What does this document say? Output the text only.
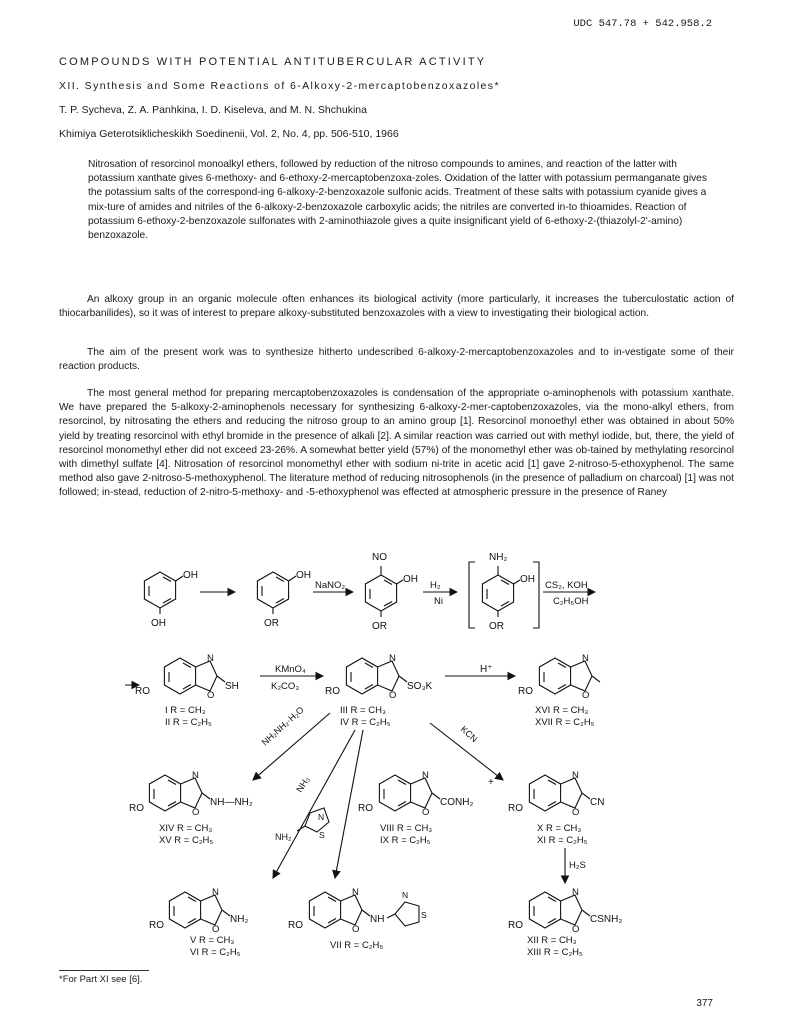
UDC 547.78 + 542.958.2
COMPOUNDS WITH POTENTIAL ANTITUBERCULAR ACTIVITY
XII. Synthesis and Some Reactions of 6-Alkoxy-2-mercaptobenzoxazoles*
T. P. Sycheva, Z. A. Panhkina, I. D. Kiseleva, and M. N. Shchukina
Khimiya Geterotsiklicheskikh Soedinenii, Vol. 2, No. 4, pp. 506-510, 1966
Nitrosation of resorcinol monoalkyl ethers, followed by reduction of the nitroso compounds to amines, and reaction of the latter with potassium xanthate gives 6-methoxy- and 6-ethoxy-2-mercaptobenzoxa-zoles. Oxidation of the latter with potassium permanganate gives the potassium salts of the correspond-ing 6-alkoxy-2-benzoxazole sulfonic acids. Treatment of these salts with potassium cyanide gives a mix-ture of amides and nitriles of the 6-alkoxy-2-benzoxazole carboxylic acids; the nitriles are converted in-to thioamides. Reaction of potassium 6-ethoxy-2-benzoxazole sulfonates with 2-aminothiazole gives a quite insignificant yield of 6-ethoxy-2-(thiazolyl-2'-amino) benzoxazole.
An alkoxy group in an organic molecule often enhances its biological activity (more particularly, it increases the tuberculostatic action of thiocarbanilides), so it was of interest to prepare alkoxy-substituted benzoxazoles with a view to investigating their biological action.
The aim of the present work was to synthesize hitherto undescribed 6-alkoxy-2-mercaptobenzoxazoles and to in-vestigate some of their reaction products.
The most general method for preparing mercaptobenzoxazoles is condensation of the appropriate o-aminophenols with potassium xanthate. We have prepared the 5-alkoxy-2-aminophenols necessary for synthesizing 6-alkoxy-2-mer-captobenzoxazoles, via the mono-alkyl ethers, from resorcinol, by nitrosating the ethers and reducing the nitroso group to an amino group [1]. Resorcinol monoethyl ether was obtained in about 50% yield by treating resorcinol with ethyl bromide in the presence of alkali [2]. A similar reaction was carried out with methyl iodide, but, there, the yield of resorcinol monomethyl ether did not exceed 23-26%. A somewhat better yield (57%) of the monomethyl ether was ob-tained by methylating resorcinol with dimethyl sulfate [4]. Nitrosation of resorcinol monomethyl ether with sodium ni-trite in acetic acid [1] gave 2-nitroso-5-ethoxyphenol. The same method also gave 2-nitroso-5-methoxyphenol. The literature method of reducing nitrosophenols (in the presence of palladium on charcoal) [1] was not followed; in-stead, reduction of 2-nitro-5-methoxy- and -5-ethoxyphenol was effected at atmospheric pressure in the presence of Raney
OH
OH
OH
OR
NaNO₂
NO
OH
OR
H₂
Ni
NH₂
OH
OR
CS₂, KOH
C₂H₅OH
RO
N
O
SH
I R = CH₃
II R = C₂H₅
KMnO₄
K₂CO₃	RO
N
O
SO₃K
III R = CH₃
IV R = C₂H₅
H⁺
RO
N
O
XVI R = CH₃
XVII R = C₂H₅
NH₂NH₂·H₂O
NH₃
KCN
RO
N
O
NH—NH₂
XIV R = CH₃
XV R = C₂H₅
N
S
NH₂
RO
N
O
CONH₂
VIII R = CH₃
IX R = C₂H₅
+
RO
N
O
CN
X R = CH₃
XI R = C₂H₅
H₂S
RO
N
O
NH₂
V R = CH₃
VI R = C₂H₅
RO
N
O
NH
N
S
VII R = C₂H₅
RO
N
O
CSNH₂
XII R = CH₃
XIII R = C₂H₅
*For Part XI see [6].
377
